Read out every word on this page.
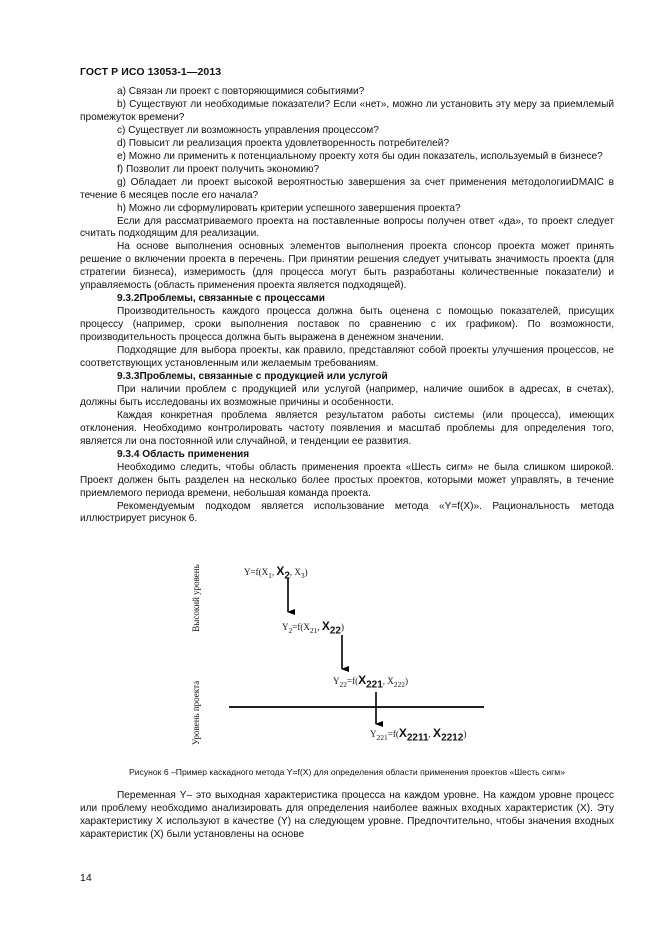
ГОСТ Р ИСО 13053-1—2013

a) Связан ли проект с повторяющимися событиями?

b) Существуют ли необходимые показатели? Если «нет», можно ли установить эту меру за приемлемый промежуток времени?

c) Существует ли возможность управления процессом?

d) Повысит ли реализация проекта удовлетворенность потребителей?

e) Можно ли применить к потенциальному проекту хотя бы один показатель, используемый в бизнесе?

f) Позволит ли проект получить экономию?

g) Обладает ли проект высокой вероятностью завершения за счет применения методологииDMAIC в течение 6 месяцев после его начала?

h) Можно ли сформулировать критерии успешного завершения проекта?

Если для рассматриваемого проекта на поставленные вопросы получен ответ «да», то проект следует считать подходящим для реализации.

На основе выполнения основных элементов выполнения проекта спонсор проекта может принять решение о включении проекта в перечень. При принятии решения следует учитывать значимость проекта (для стратегии бизнеса), измеримость (для процесса могут быть разработаны количественные показатели) и управляемость (область применения проекта является подходящей).

9.3.2Проблемы, связанные с процессами

Производительность каждого процесса должна быть оценена с помощью показателей, присущих процессу (например, сроки выполнения поставок по сравнению с их графиком). По возможности, производительность процесса должна быть выражена в денежном значении.

Подходящие для выбора проекты, как правило, представляют собой проекты улучшения процессов, не соответствующих установленным или желаемым требованиям.

9.3.3Проблемы, связанные с продукцией или услугой

При наличии проблем с продукцией или услугой (например, наличие ошибок в адресах, в счетах), должны быть исследованы их возможные причины и особенности.

Каждая конкретная проблема является результатом работы системы (или процесса), имеющих отклонения. Необходимо контролировать частоту появления и масштаб проблемы для определения того, является ли она постоянной или случайной, и тенденции ее развития.

9.3.4 Область применения

Необходимо следить, чтобы область применения проекта «Шесть сигм» не была слишком широкой. Проект должен быть разделен на несколько более простых проектов, которыми может управлять, в течение приемлемого периода времени, небольшая команда проекта.

Рекомендуемым подходом является использование метода «Y=f(X)». Рациональность метода иллюстрирует рисунок 6.

Высокий уровень
Уровень проекта
$Y=f(X_1$, $X_2$, $X_3$)
$Y_2=f(X_{21}$, $X_{22}$)
$Y_{22}=f(X_{221}$, $X_{222}$)
$Y_{221}=f(X_{2211}$, $X_{2212}$)
Рисунок 6 –Пример каскадного метода Y=f(X) для определения области применения проектов «Шесть сигм»

Переменная Y– это выходная характеристика процесса на каждом уровне. На каждом уровне процесс или проблему необходимо анализировать для определения наиболее важных входных характеристик (X). Эту характеристику X используют в качестве (Y) на следующем уровне. Предпочтительно, чтобы значения входных характеристик (X) были установлены на основе

14
